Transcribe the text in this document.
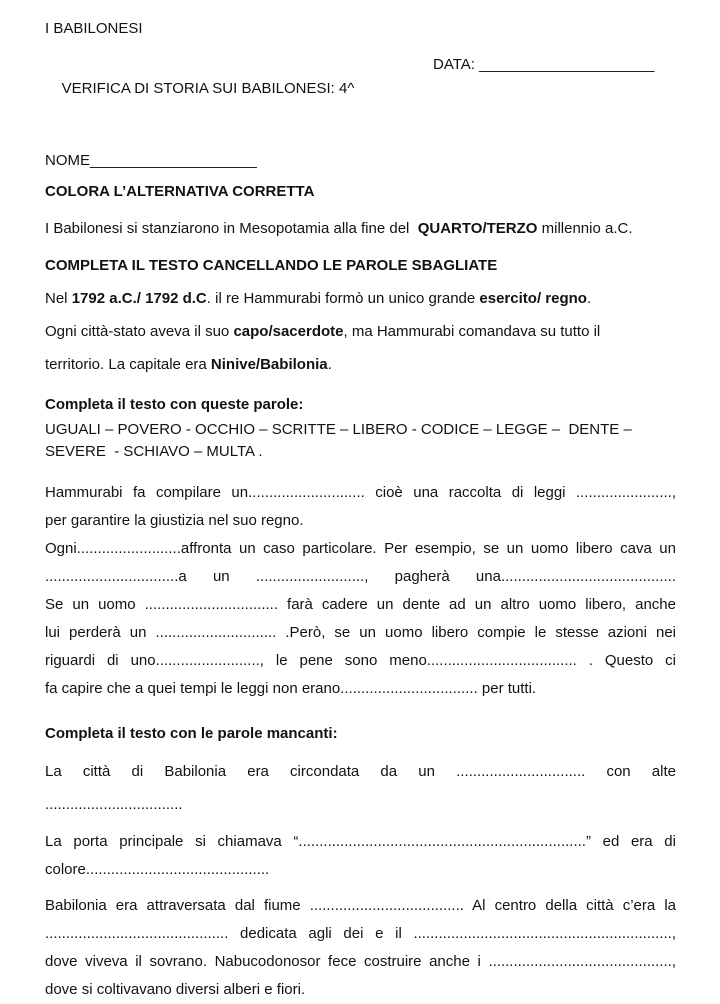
I BABILONESI

VERIFICA DI STORIA SUI BABILONESI: 4^

DATA: _____________________

NOME____________________
COLORA L’ALTERNATIVA CORRETTA
I Babilonesi si stanziarono in Mesopotamia alla fine del  QUARTO/TERZO millennio a.C.
COMPLETA IL TESTO CANCELLANDO LE PAROLE SBAGLIATE
Nel 1792 a.C./ 1792 d.C. il re Hammurabi formò un unico grande esercito/ regno.
Ogni città-stato aveva il suo capo/sacerdote, ma Hammurabi comandava su tutto il
territorio. La capitale era Ninive/Babilonia.
Completa il testo con queste parole:
UGUALI – POVERO - OCCHIO – SCRITTE – LIBERO - CODICE – LEGGE –  DENTE –
SEVERE  - SCHIAVO – MULTA .
Hammurabi fa compilare un............................ cioè una raccolta di leggi .......................,
per garantire la giustizia nel suo regno.
Ogni.........................affronta un caso particolare. Per esempio, se un uomo libero cava un
................................a un .........................., pagherà una..........................................
Se un uomo ................................ farà cadere un dente ad un altro uomo libero, anche
lui perderà un ............................. .Però, se un uomo libero compie le stesse azioni nei
riguardi di uno........................., le pene sono meno.................................... . Questo ci
fa capire che a quei tempi le leggi non erano................................. per tutti.
Completa il testo con le parole mancanti:
La città di Babilonia era circondata da un ............................... con alte
.................................
La porta principale si chiamava “.....................................................................” ed era di
colore............................................
Babilonia era attraversata dal fiume ..................................... Al centro della città c’era la
............................................ dedicata agli dei e il ..............................................................,
dove viveva il sovrano. Nabucodonosor fece costruire anche i ............................................,
dove si coltivavano diversi alberi e fiori.
